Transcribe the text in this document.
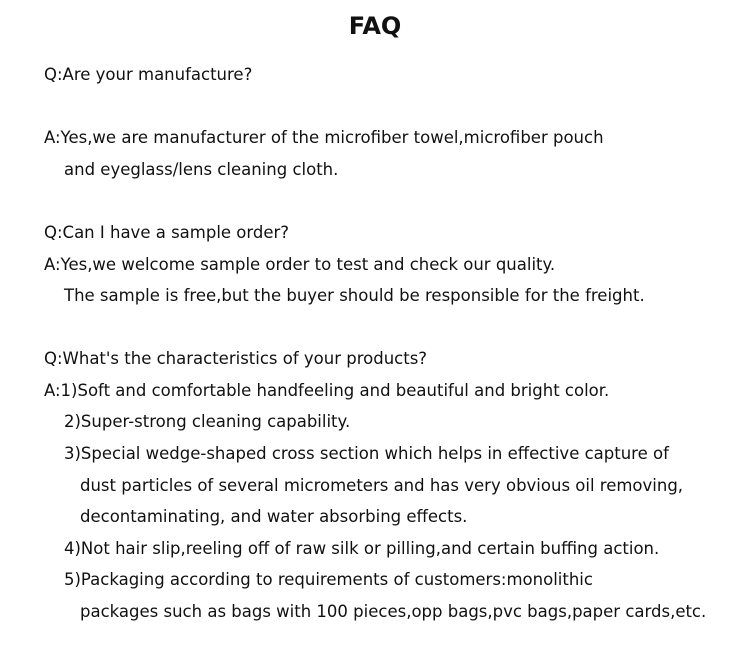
FAQ
Q:Are your manufacture?
A:Yes,we are manufacturer of the microfiber towel,microfiber pouch
and eyeglass/lens cleaning cloth.
Q:Can I have a sample order?
A:Yes,we welcome sample order to test and check our quality.
The sample is free,but the buyer should be responsible for the freight.
Q:What's the characteristics of your products?
A:1)Soft and comfortable handfeeling and beautiful and bright color.
2)Super-strong cleaning capability.
3)Special wedge-shaped cross section which helps in effective capture of
dust particles of several micrometers and has very obvious oil removing,
decontaminating, and water absorbing effects.
4)Not hair slip,reeling off of raw silk or pilling,and certain buffing action.
5)Packaging according to requirements of customers:monolithic
packages such as bags with 100 pieces,opp bags,pvc bags,paper cards,etc.
